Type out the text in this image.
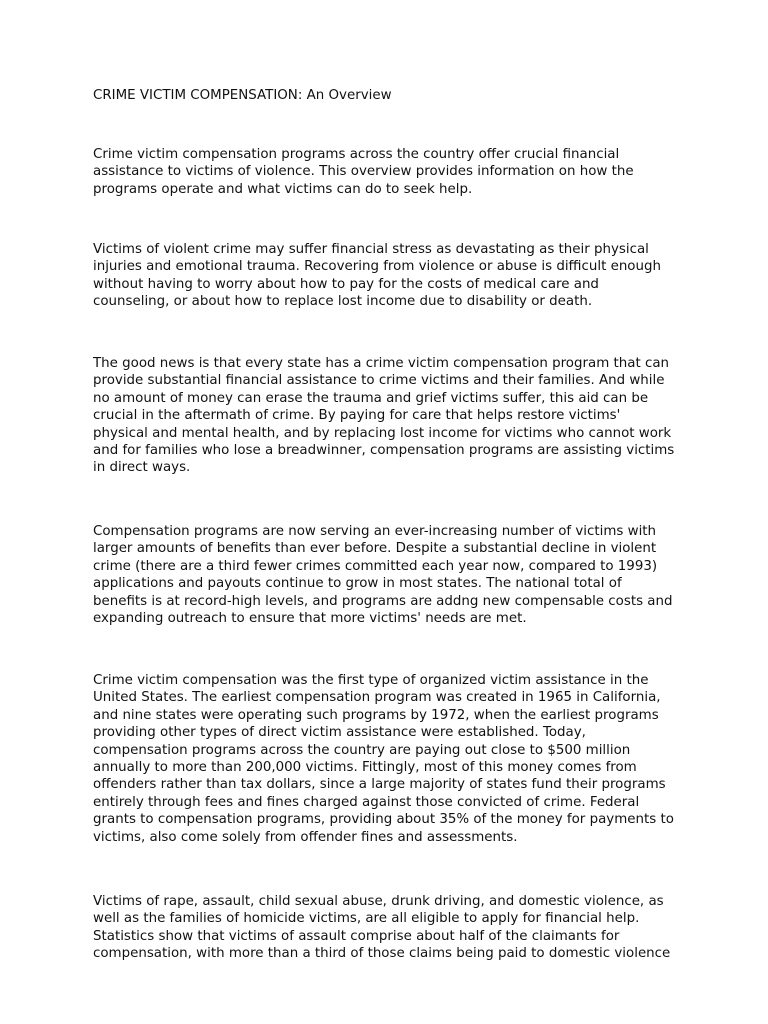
CRIME VICTIM COMPENSATION: An Overview
Crime victim compensation programs across the country offer crucial financial
assistance to victims of violence. This overview provides information on how the
programs operate and what victims can do to seek help.
Victims of violent crime may suffer financial stress as devastating as their physical
injuries and emotional trauma. Recovering from violence or abuse is difficult enough
without having to worry about how to pay for the costs of medical care and
counseling, or about how to replace lost income due to disability or death.
The good news is that every state has a crime victim compensation program that can
provide substantial financial assistance to crime victims and their families. And while
no amount of money can erase the trauma and grief victims suffer, this aid can be
crucial in the aftermath of crime. By paying for care that helps restore victims'
physical and mental health, and by replacing lost income for victims who cannot work
and for families who lose a breadwinner, compensation programs are assisting victims
in direct ways.
Compensation programs are now serving an ever-increasing number of victims with
larger amounts of benefits than ever before. Despite a substantial decline in violent
crime (there are a third fewer crimes committed each year now, compared to 1993)
applications and payouts continue to grow in most states. The national total of
benefits is at record-high levels, and programs are addng new compensable costs and
expanding outreach to ensure that more victims' needs are met.
Crime victim compensation was the first type of organized victim assistance in the
United States. The earliest compensation program was created in 1965 in California,
and nine states were operating such programs by 1972, when the earliest programs
providing other types of direct victim assistance were established. Today,
compensation programs across the country are paying out close to $500 million
annually to more than 200,000 victims. Fittingly, most of this money comes from
offenders rather than tax dollars, since a large majority of states fund their programs
entirely through fees and fines charged against those convicted of crime. Federal
grants to compensation programs, providing about 35% of the money for payments to
victims, also come solely from offender fines and assessments.
Victims of rape, assault, child sexual abuse, drunk driving, and domestic violence, as
well as the families of homicide victims, are all eligible to apply for financial help.
Statistics show that victims of assault comprise about half of the claimants for
compensation, with more than a third of those claims being paid to domestic violence
